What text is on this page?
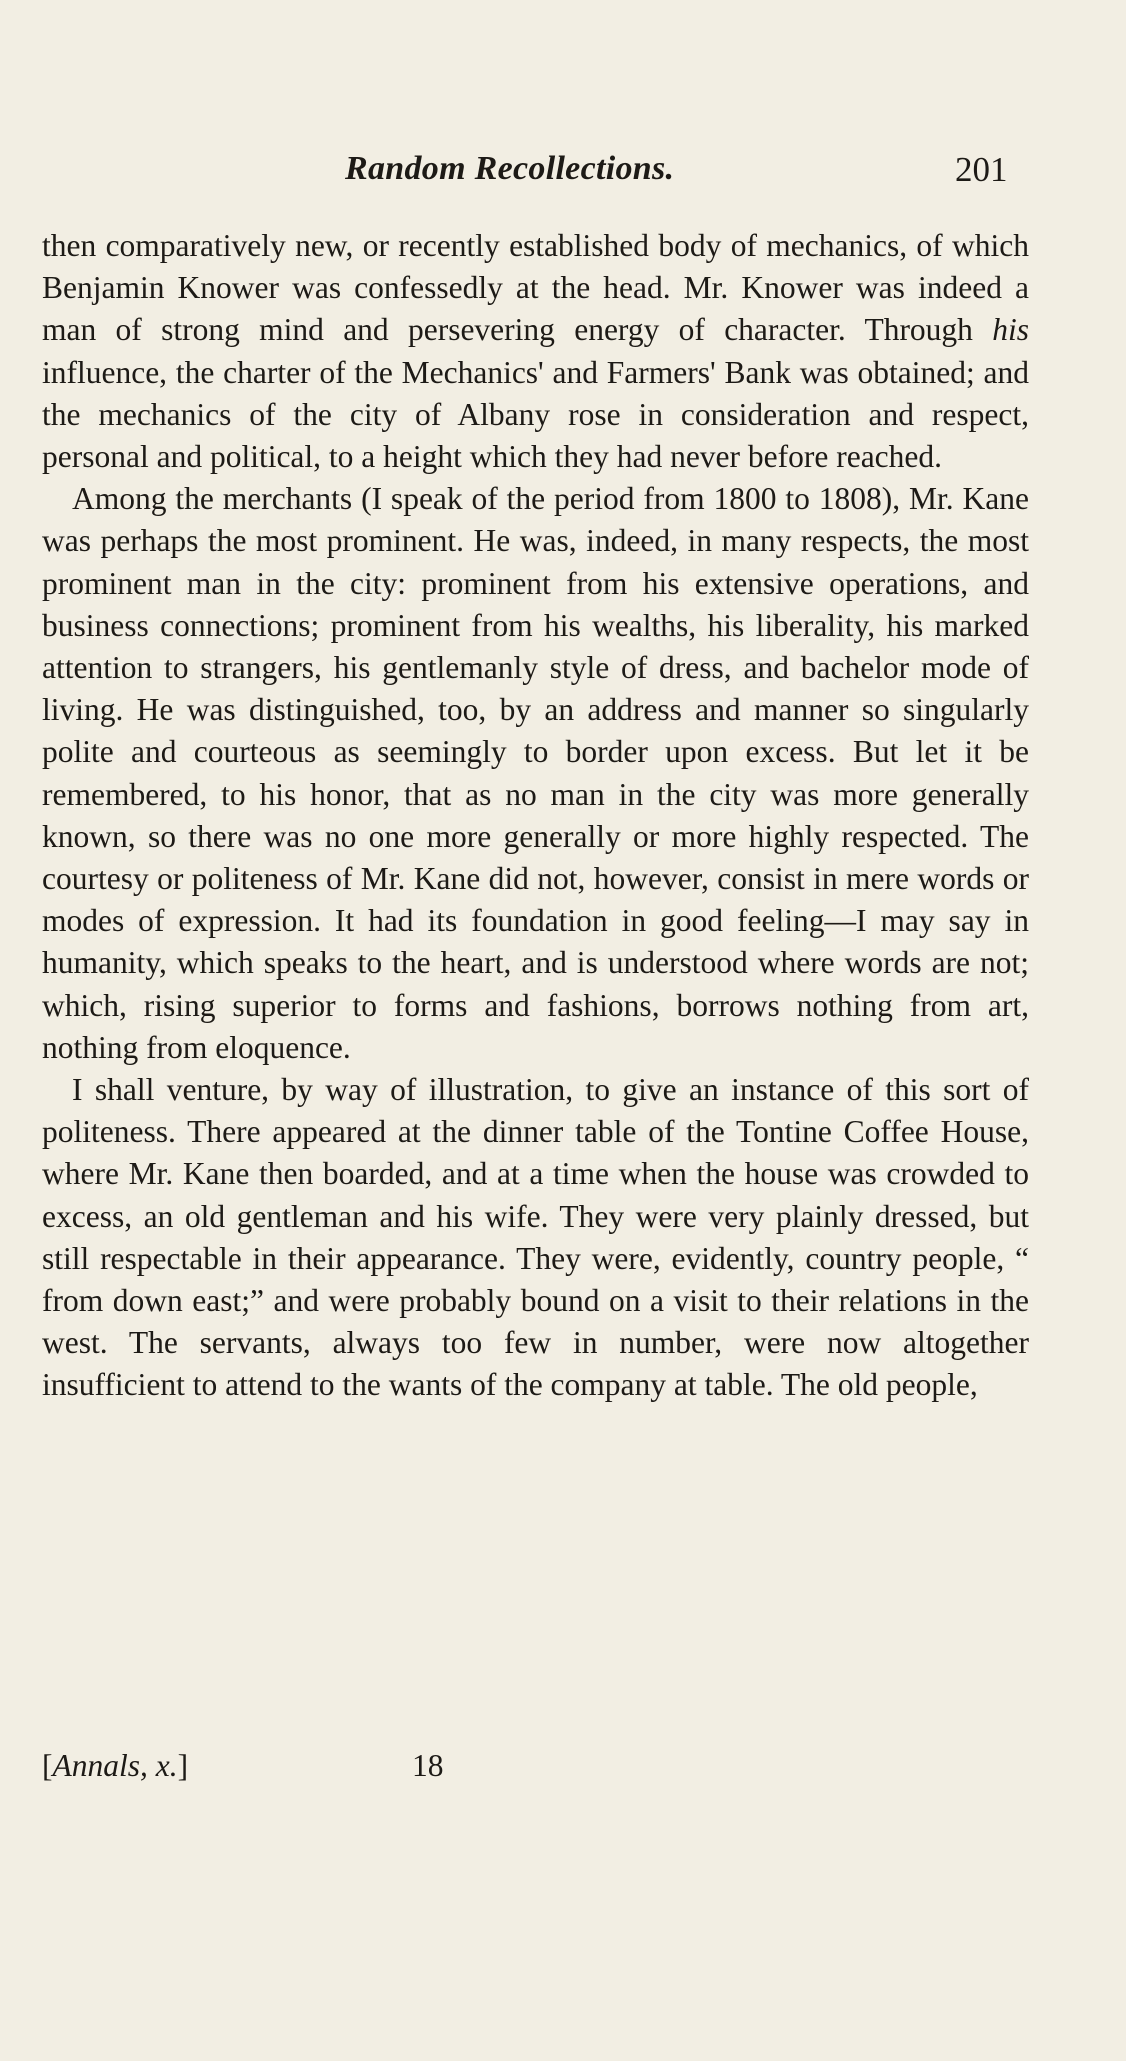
Random Recollections.	201

then comparatively new, or recently established body of mechanics, of which Benjamin Knower was confessedly at the head. Mr. Knower was indeed a man of strong mind and persevering energy of character. Through his influence, the charter of the Mechanics' and Farmers' Bank was obtained; and the mechanics of the city of Albany rose in consideration and respect, personal and political, to a height which they had never before reached.

Among the merchants (I speak of the period from 1800 to 1808), Mr. Kane was perhaps the most prominent. He was, indeed, in many respects, the most prominent man in the city: prominent from his extensive operations, and business connections; prominent from his wealths, his liberality, his marked attention to strangers, his gentlemanly style of dress, and bachelor mode of living. He was distinguished, too, by an address and manner so singularly polite and courteous as seemingly to border upon excess. But let it be remembered, to his honor, that as no man in the city was more generally known, so there was no one more generally or more highly respected. The courtesy or politeness of Mr. Kane did not, however, consist in mere words or modes of expression. It had its foundation in good feeling—I may say in humanity, which speaks to the heart, and is understood where words are not; which, rising superior to forms and fashions, borrows nothing from art, nothing from eloquence.

I shall venture, by way of illustration, to give an instance of this sort of politeness. There appeared at the dinner table of the Tontine Coffee House, where Mr. Kane then boarded, and at a time when the house was crowded to excess, an old gentleman and his wife. They were very plainly dressed, but still respectable in their appearance. They were, evidently, country people, “ from down east;” and were probably bound on a visit to their relations in the west. The servants, always too few in number, were now altogether insufficient to attend to the wants of the company at table. The old people,

[Annals, x.]	18
